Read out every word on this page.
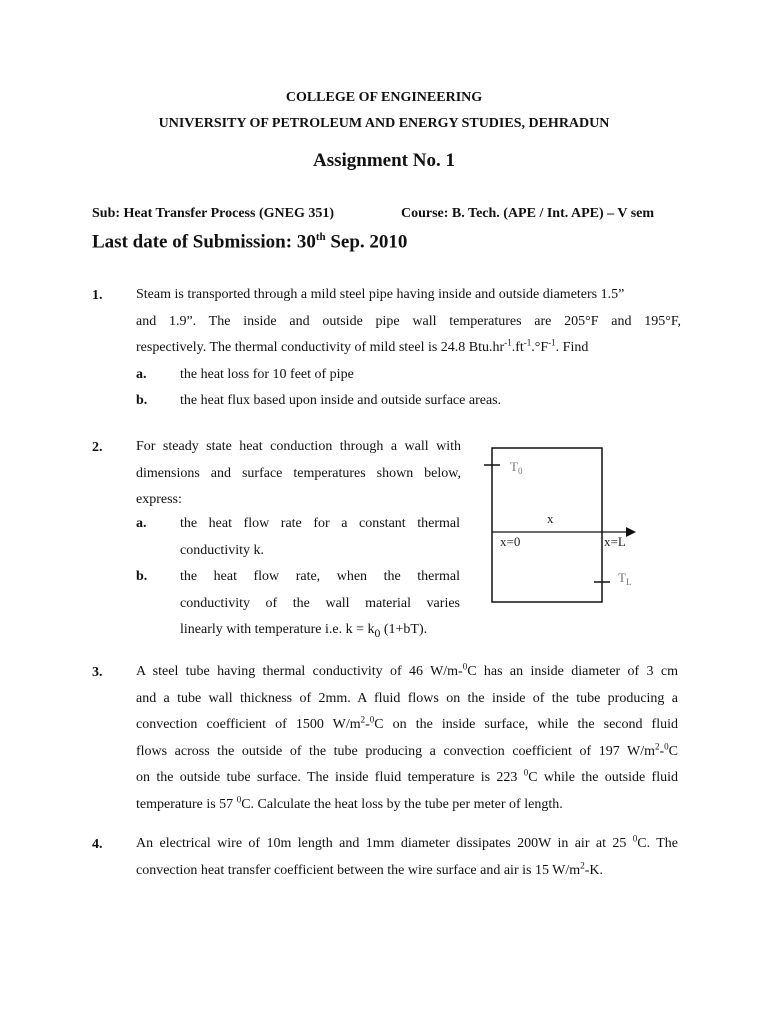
COLLEGE OF ENGINEERING
UNIVERSITY OF PETROLEUM AND ENERGY STUDIES, DEHRADUN
Assignment No. 1
Sub: Heat Transfer Process (GNEG 351)	Course: B. Tech. (APE / Int. APE) – V sem
Last date of Submission: 30th Sep. 2010
1. Steam is transported through a mild steel pipe having inside and outside diameters 1.5”
and 1.9”. The inside and outside pipe wall temperatures are 205°F and 195°F,
respectively. The thermal conductivity of mild steel is 24.8 $Btu.hr^{-1}.ft^{-1}.^\circ F^{-1}$. Find
a. the heat loss for 10 feet of pipe
b. the heat flux based upon inside and outside surface areas.
2. For steady state heat conduction through a wall with
dimensions and surface temperatures shown below,
express:
a. the heat flow rate for a constant thermal
conductivity k.
b. the heat flow rate, when the thermal
conductivity of the wall material varies
linearly with temperature i.e. $k = k_0$ (1+bT).
$T_0$
x
x=0	x=L
$T_L$
3. A steel tube having thermal conductivity of 46 W/m-$^0$C has an inside diameter of 3 cm
and a tube wall thickness of 2mm. A fluid flows on the inside of the tube producing a
convection coefficient of 1500 $W/m^2-^0C$ on the inside surface, while the second fluid
flows across the outside of the tube producing a convection coefficient of 197 $W/m^2-^0C$
on the outside tube surface. The inside fluid temperature is 223 $^0$C while the outside fluid
temperature is 57 $^0$C. Calculate the heat loss by the tube per meter of length.
4. An electrical wire of 10m length and 1mm diameter dissipates 200W in air at 25 $^0$C. The
convection heat transfer coefficient between the wire surface and air is 15 $W/m^2-K$.
